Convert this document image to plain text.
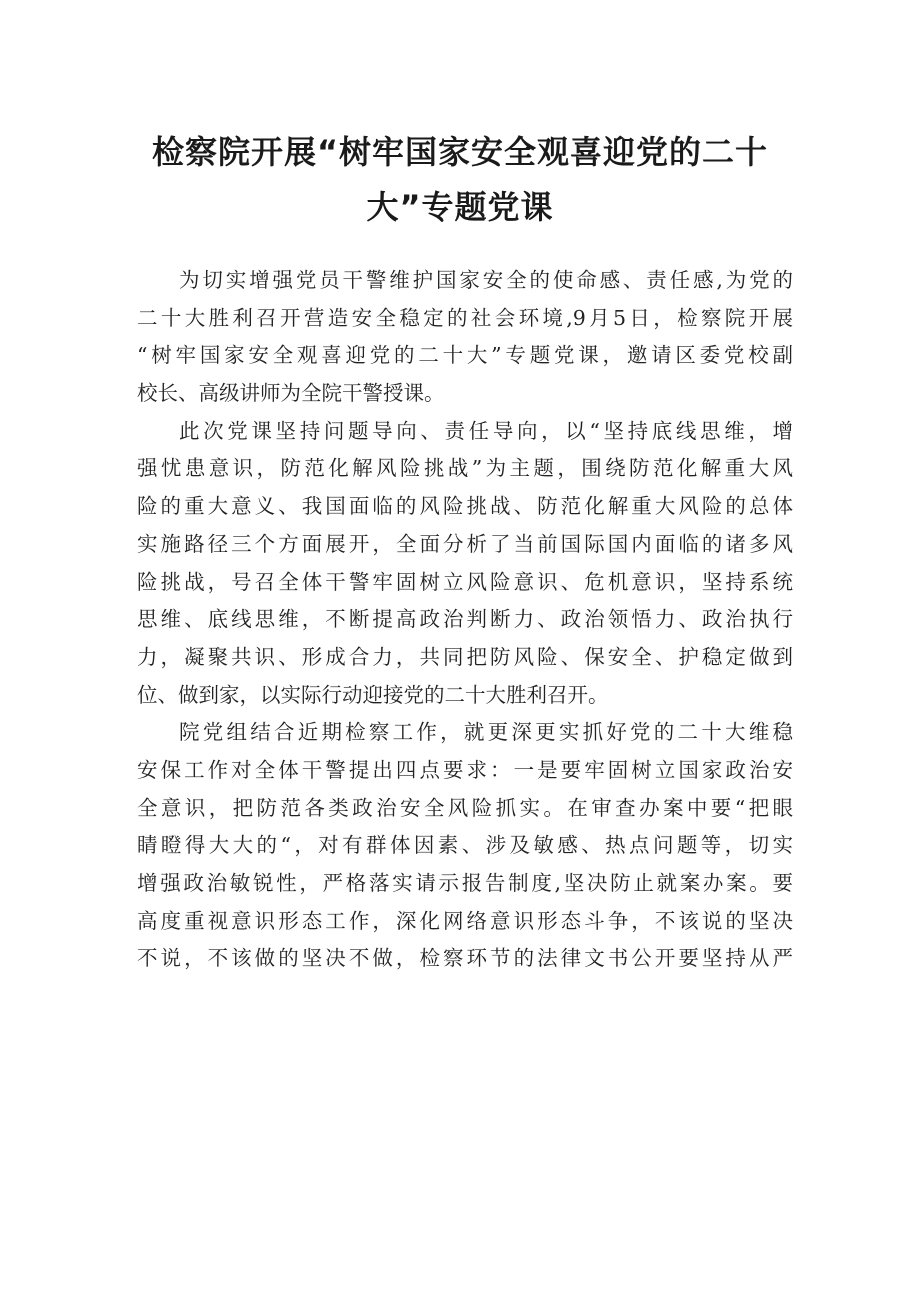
检察院开展“树牢国家安全观喜迎党的二十
大”专题党课
为切实增强党员干警维护国家安全的使命感、责任感,为党的
二十大胜利召开营造安全稳定的社会环境,9月5日，检察院开展
“树牢国家安全观喜迎党的二十大”专题党课，邀请区委党校副
校长、高级讲师为全院干警授课。
此次党课坚持问题导向、责任导向，以“坚持底线思维，增
强忧患意识，防范化解风险挑战”为主题，围绕防范化解重大风
险的重大意义、我国面临的风险挑战、防范化解重大风险的总体
实施路径三个方面展开，全面分析了当前国际国内面临的诸多风
险挑战，号召全体干警牢固树立风险意识、危机意识，坚持系统
思维、底线思维，不断提高政治判断力、政治领悟力、政治执行
力，凝聚共识、形成合力，共同把防风险、保安全、护稳定做到
位、做到家，以实际行动迎接党的二十大胜利召开。
院党组结合近期检察工作，就更深更实抓好党的二十大维稳
安保工作对全体干警提出四点要求：一是要牢固树立国家政治安
全意识，把防范各类政治安全风险抓实。在审查办案中要“把眼
睛瞪得大大的“，对有群体因素、涉及敏感、热点问题等，切实
增强政治敏锐性，严格落实请示报告制度,坚决防止就案办案。要
高度重视意识形态工作，深化网络意识形态斗争，不该说的坚决
不说，不该做的坚决不做，检察环节的法律文书公开要坚持从严
